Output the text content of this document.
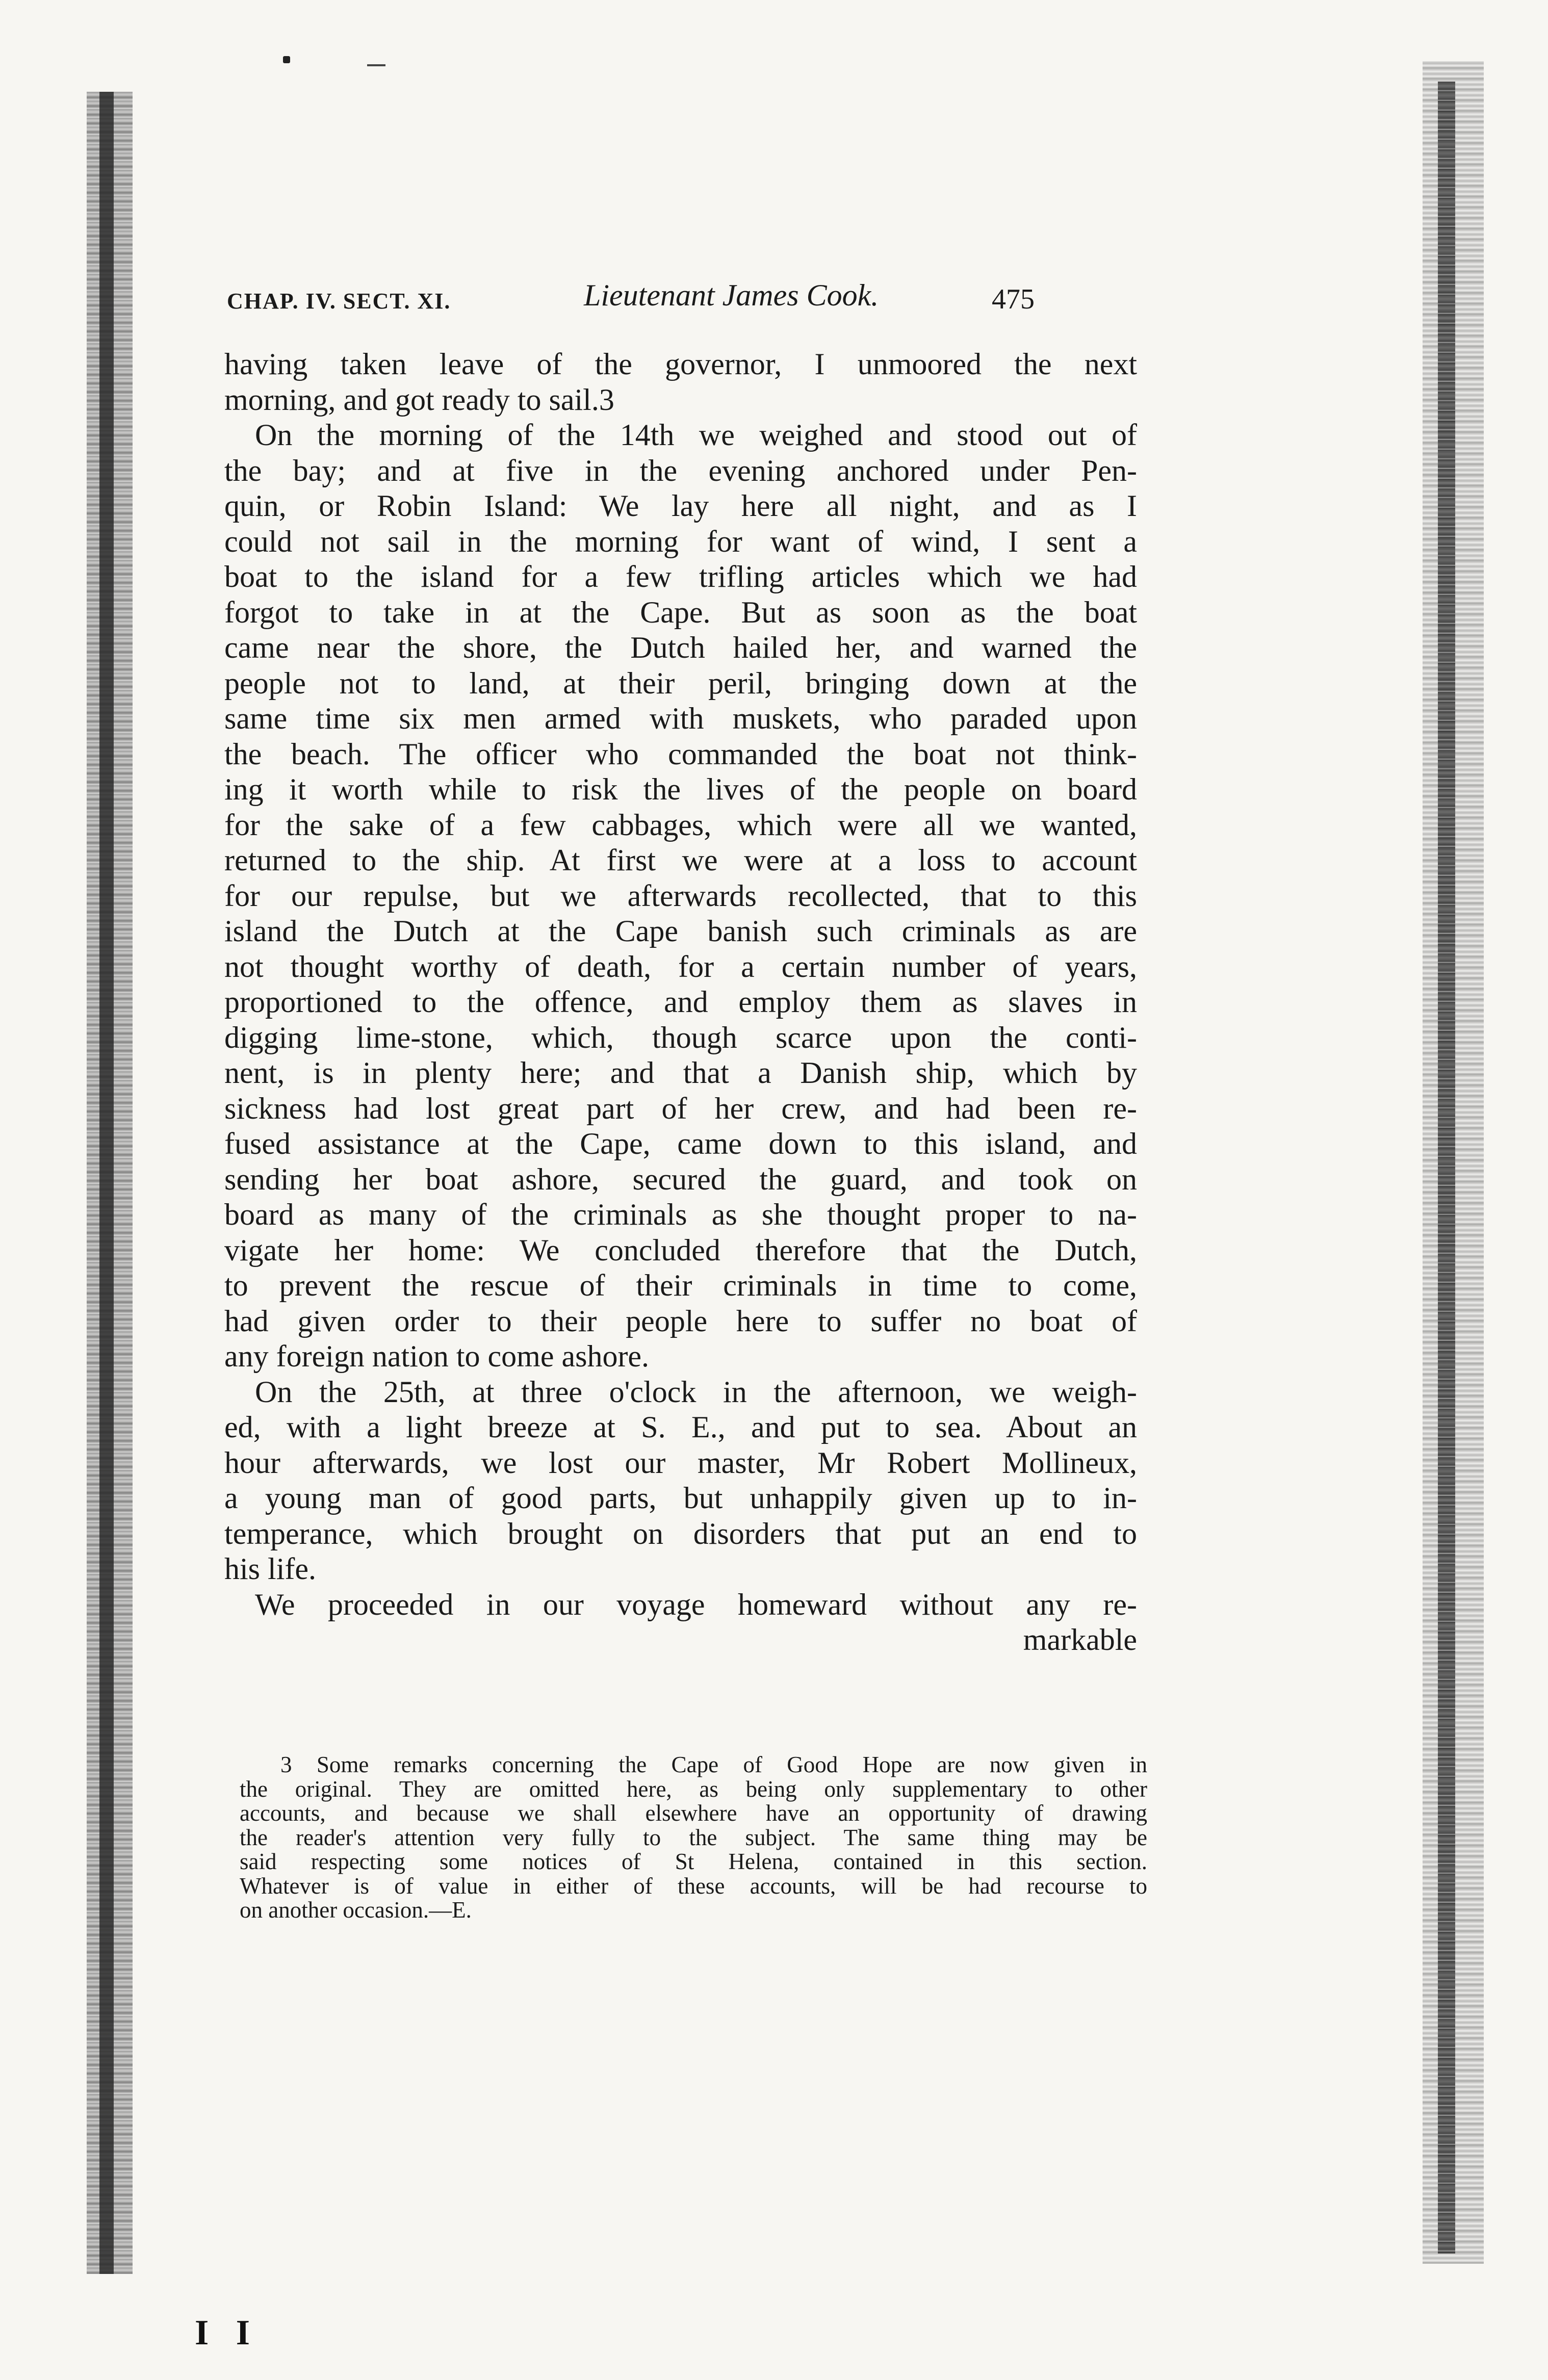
CHAP. IV. SECT. XI.	Lieutenant James Cook.	475
having taken leave of the governor, I unmoored the next
morning, and got ready to sail.3
On the morning of the 14th we weighed and stood out of
the bay; and at five in the evening anchored under Pen-
quin, or Robin Island: We lay here all night, and as I
could not sail in the morning for want of wind, I sent a
boat to the island for a few trifling articles which we had
forgot to take in at the Cape. But as soon as the boat
came near the shore, the Dutch hailed her, and warned the
people not to land, at their peril, bringing down at the
same time six men armed with muskets, who paraded upon
the beach. The officer who commanded the boat not think-
ing it worth while to risk the lives of the people on board
for the sake of a few cabbages, which were all we wanted,
returned to the ship. At first we were at a loss to account
for our repulse, but we afterwards recollected, that to this
island the Dutch at the Cape banish such criminals as are
not thought worthy of death, for a certain number of years,
proportioned to the offence, and employ them as slaves in
digging lime-stone, which, though scarce upon the conti-
nent, is in plenty here; and that a Danish ship, which by
sickness had lost great part of her crew, and had been re-
fused assistance at the Cape, came down to this island, and
sending her boat ashore, secured the guard, and took on
board as many of the criminals as she thought proper to na-
vigate her home: We concluded therefore that the Dutch,
to prevent the rescue of their criminals in time to come,
had given order to their people here to suffer no boat of
any foreign nation to come ashore.
On the 25th, at three o'clock in the afternoon, we weigh-
ed, with a light breeze at S. E., and put to sea. About an
hour afterwards, we lost our master, Mr Robert Mollineux,
a young man of good parts, but unhappily given up to in-
temperance, which brought on disorders that put an end to
his life.
We proceeded in our voyage homeward without any re-
markable
3 Some remarks concerning the Cape of Good Hope are now given in
the original. They are omitted here, as being only supplementary to other
accounts, and because we shall elsewhere have an opportunity of drawing
the reader's attention very fully to the subject. The same thing may be
said respecting some notices of St Helena, contained in this section.
Whatever is of value in either of these accounts, will be had recourse to
on another occasion.—E.
I I
